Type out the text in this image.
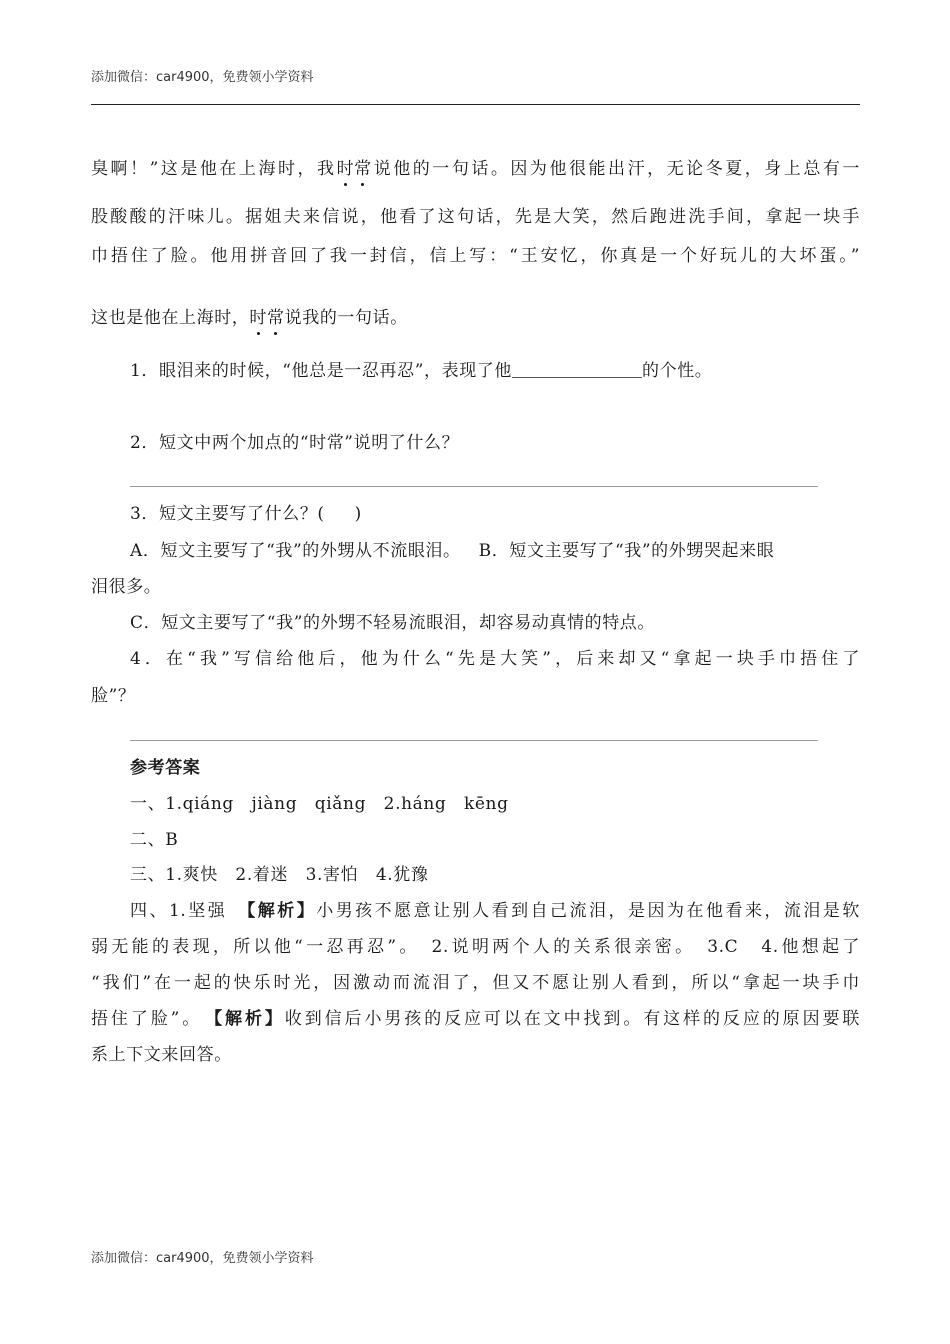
添加微信：car4900，免费领小学资料
臭啊！”这是他在上海时，我时常说他的一句话。因为他很能出汗，无论冬夏，身上总有一
股酸酸的汗味儿。据姐夫来信说，他看了这句话，先是大笑，然后跑进洗手间，拿起一块手
巾捂住了脸。他用拼音回了我一封信，信上写：“王安忆，你真是一个好玩儿的大坏蛋。”
这也是他在上海时，时常说我的一句话。
1．眼泪来的时候，“他总是一忍再忍”，表现了他	的个性。
2．短文中两个加点的“时常”说明了什么？
3．短文主要写了什么？( )
A．短文主要写了“我”的外甥从不流眼泪。 B．短文主要写了“我”的外甥哭起来眼
泪很多。
C．短文主要写了“我”的外甥不轻易流眼泪，却容易动真情的特点。
4．在“我”写信给他后，他为什么“先是大笑”，后来却又“拿起一块手巾捂住了
脸”？
参考答案
一、1.qiáng　jiàng　qiǎng　2.háng　kēng
二、B
三、1.爽快　2.着迷　3.害怕　4.犹豫
四、1.坚强　【解析】小男孩不愿意让别人看到自己流泪，是因为在他看来，流泪是软
弱无能的表现，所以他“一忍再忍”。　2.说明两个人的关系很亲密。　3.C　4.他想起了
“我们”在一起的快乐时光，因激动而流泪了，但又不愿让别人看到，所以“拿起一块手巾
捂住了脸”。　【解析】收到信后小男孩的反应可以在文中找到。有这样的反应的原因要联
系上下文来回答。
添加微信：car4900，免费领小学资料
